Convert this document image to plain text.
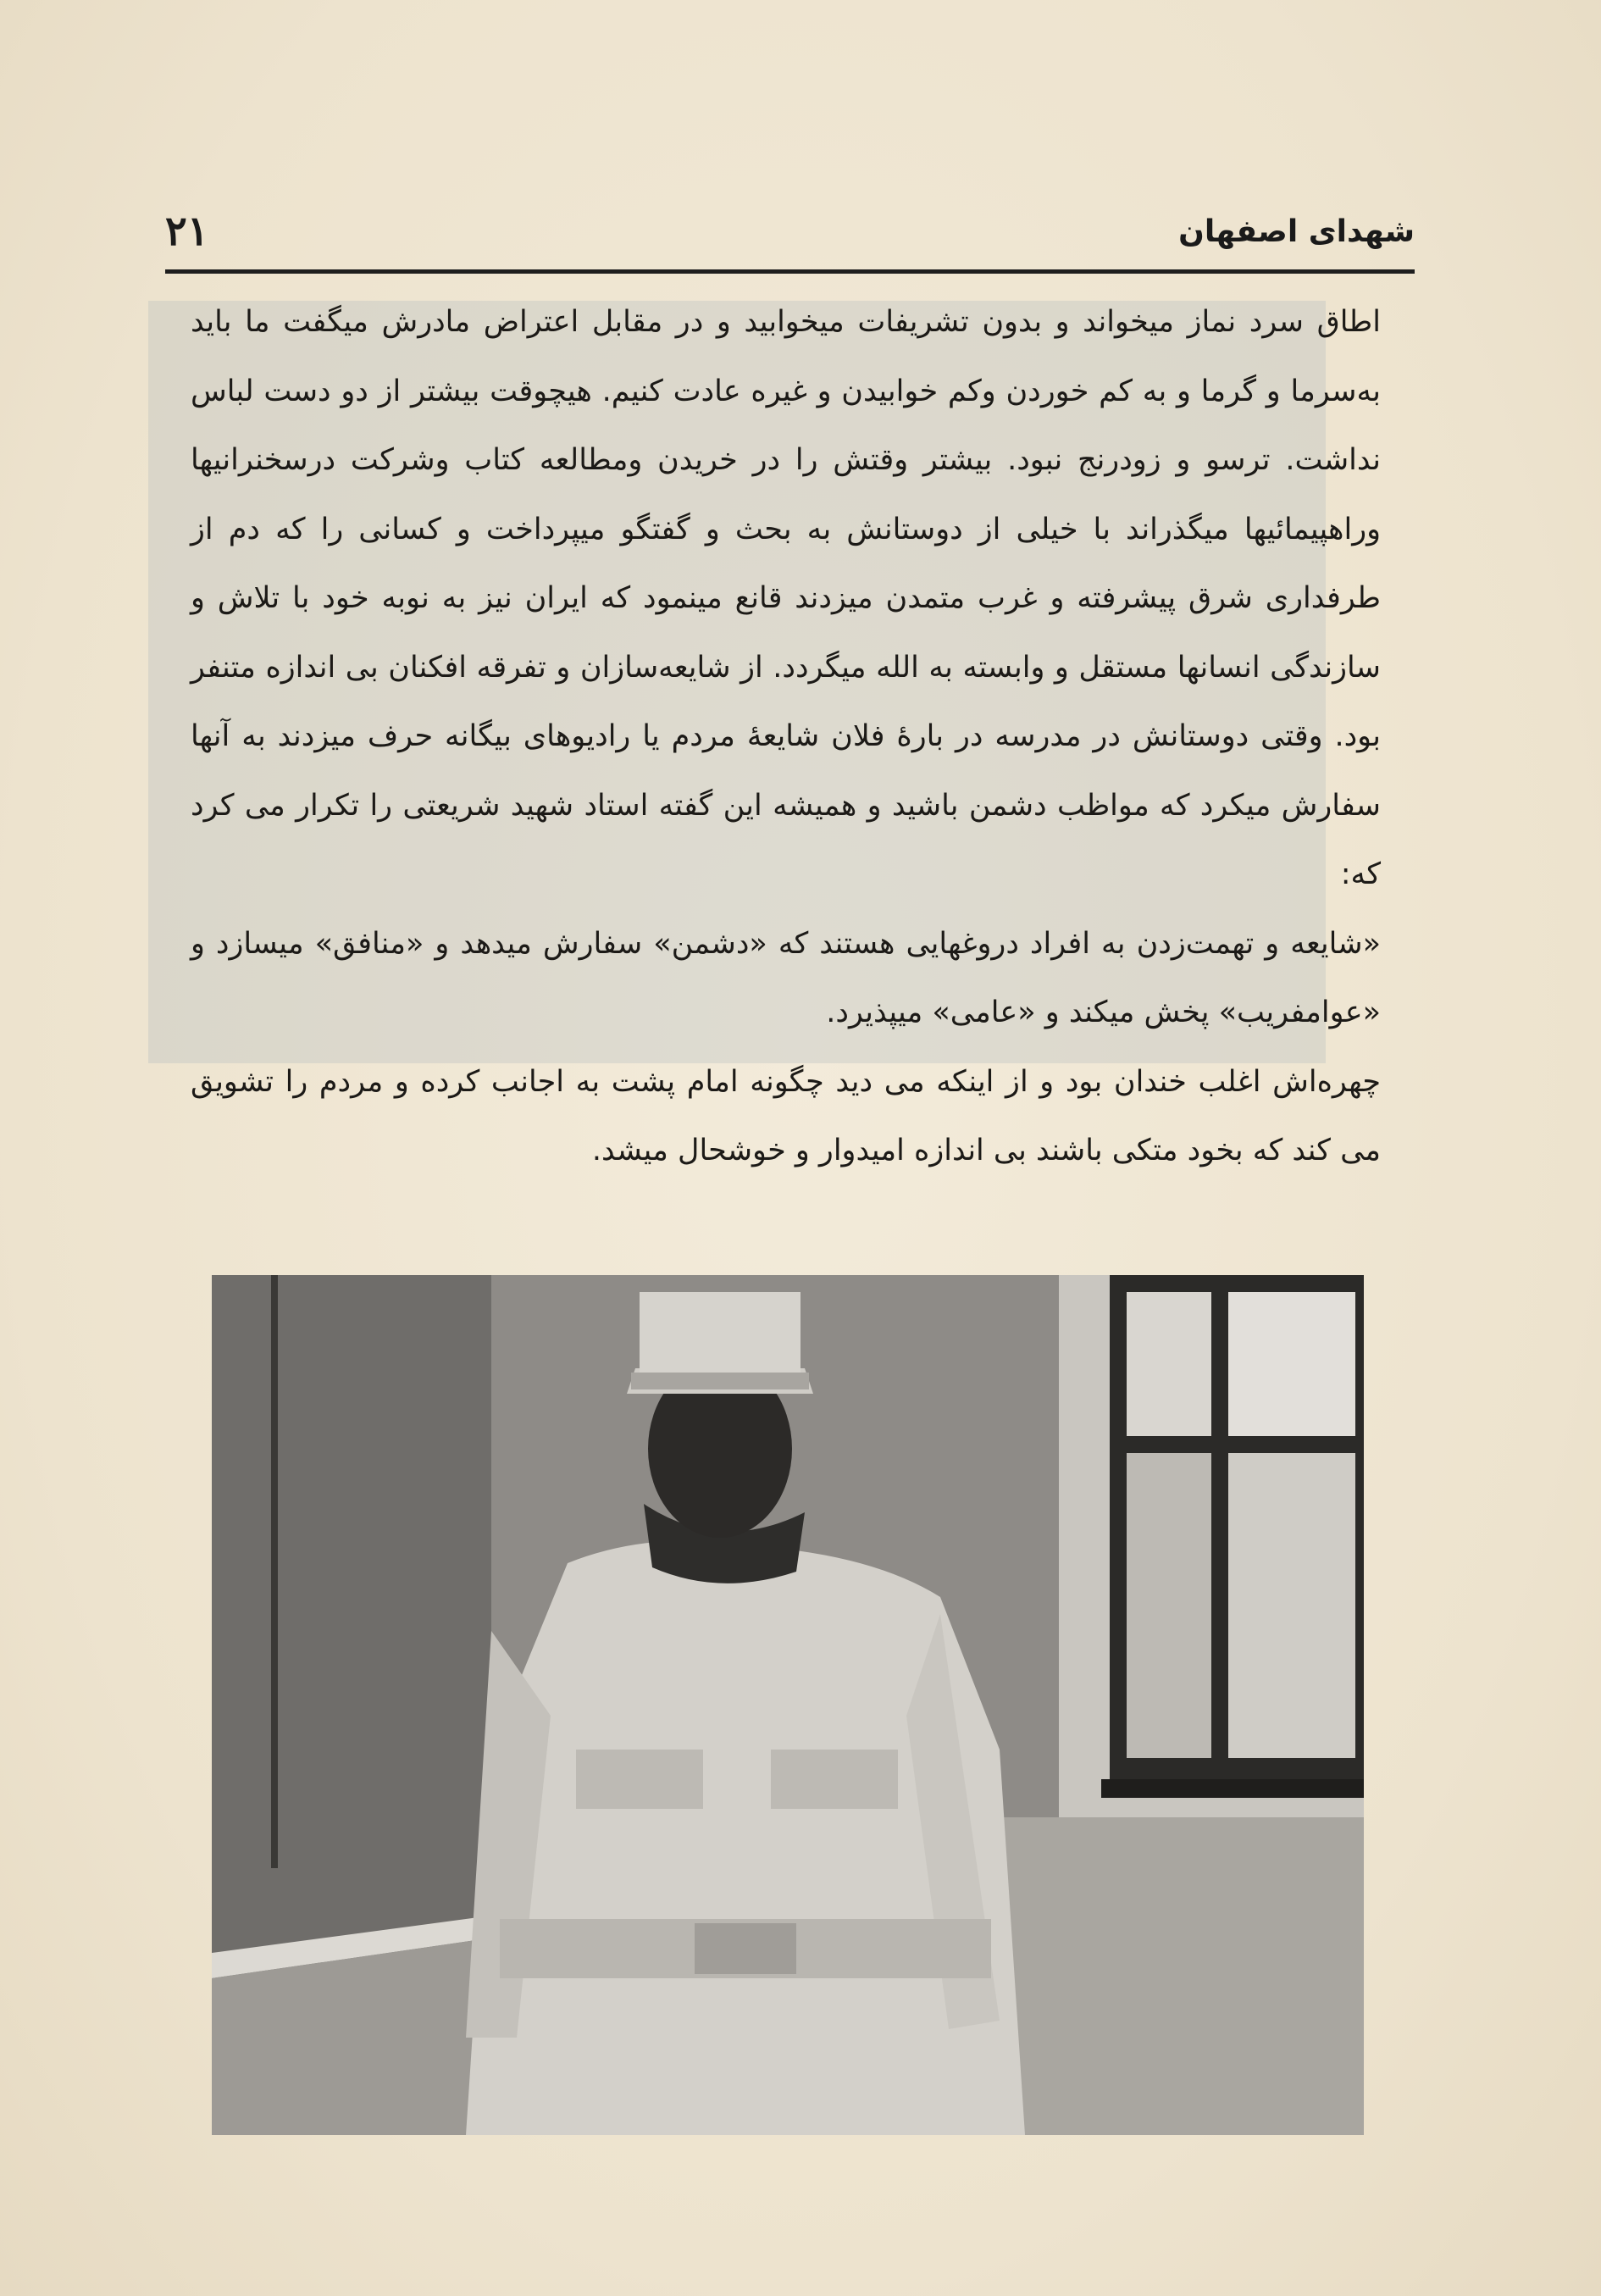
شهدای اصفهان
۲۱

اطاق سرد نماز میخواند و بدون تشریفات میخوابید و در مقابل اعتراض مادرش میگفت ما باید به‌سرما و گرما و به کم خوردن وکم خوابیدن و غیره عادت کنیم. هیچوقت بیشتر از دو دست لباس نداشت. ترسو و زودرنج نبود. بیشتر وقتش را در خریدن ومطالعه کتاب وشرکت درسخنرانیها وراهپیمائیها میگذراند با خیلی از دوستانش به بحث و گفتگو میپرداخت و کسانی را که دم از طرفداری شرق پیشرفته و غرب متمدن میزدند قانع مینمود که ایران نیز به نوبه خود با تلاش و سازندگی انسانها مستقل و وابسته به الله میگردد. از شایعه‌سازان و تفرقه افکنان بی اندازه متنفر بود. وقتی دوستانش در مدرسه در بارهٔ فلان شایعهٔ مردم یا رادیوهای بیگانه حرف میزدند به آنها سفارش میکرد که مواظب دشمن باشید و همیشه این گفته استاد شهید شریعتی را تکرار می کرد که:

«شایعه و تهمت‌زدن به افراد دروغهایی هستند که «دشمن» سفارش میدهد و «منافق» میسازد و «عوامفریب» پخش میکند و «عامی» میپذیرد.

چهره‌اش اغلب خندان بود و از اینکه می دید چگونه امام پشت به اجانب کرده و مردم را تشویق می کند که بخود متکی باشند بی اندازه امیدوار و خوشحال میشد.
